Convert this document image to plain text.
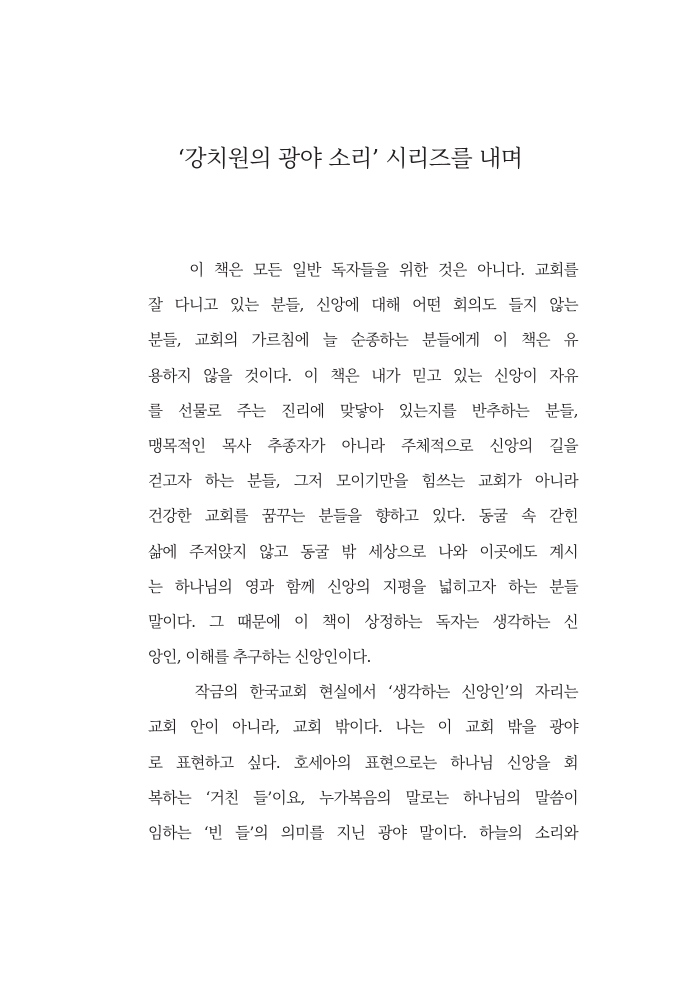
‘강치원의 광야 소리’ 시리즈를 내며
이 책은 모든 일반 독자들을 위한 것은 아니다. 교회를
잘 다니고 있는 분들, 신앙에 대해 어떤 회의도 들지 않는
분들, 교회의 가르침에 늘 순종하는 분들에게 이 책은 유
용하지 않을 것이다. 이 책은 내가 믿고 있는 신앙이 자유
를 선물로 주는 진리에 맞닿아 있는지를 반추하는 분들,
맹목적인 목사 추종자가 아니라 주체적으로 신앙의 길을
걷고자 하는 분들, 그저 모이기만을 힘쓰는 교회가 아니라
건강한 교회를 꿈꾸는 분들을 향하고 있다. 동굴 속 갇힌
삶에 주저앉지 않고 동굴 밖 세상으로 나와 이곳에도 계시
는 하나님의 영과 함께 신앙의 지평을 넓히고자 하는 분들
말이다. 그 때문에 이 책이 상정하는 독자는 생각하는 신
앙인, 이해를 추구하는 신앙인이다.
작금의 한국교회 현실에서 ‘생각하는 신앙인’의 자리는
교회 안이 아니라, 교회 밖이다. 나는 이 교회 밖을 광야
로 표현하고 싶다. 호세아의 표현으로는 하나님 신앙을 회
복하는 ‘거친 들’이요, 누가복음의 말로는 하나님의 말씀이
임하는 ‘빈 들’의 의미를 지닌 광야 말이다. 하늘의 소리와
